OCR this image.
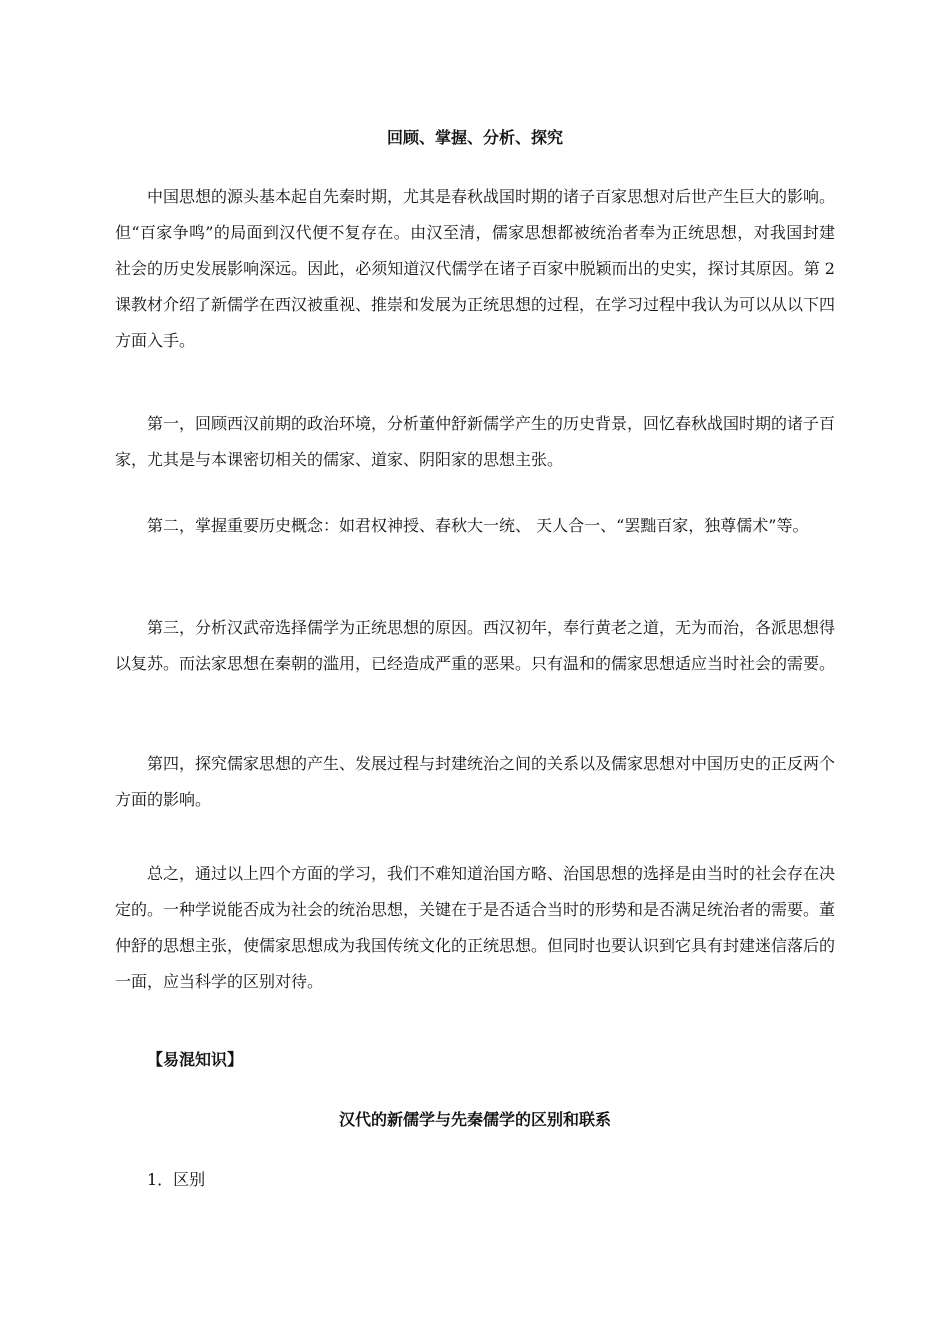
回顾、掌握、分析、探究

中国思想的源头基本起自先秦时期，尤其是春秋战国时期的诸子百家思想对后世产生巨大的影响。但“百家争鸣”的局面到汉代便不复存在。由汉至清，儒家思想都被统治者奉为正统思想，对我国封建社会的历史发展影响深远。因此，必须知道汉代儒学在诸子百家中脱颖而出的史实，探讨其原因。第 2 课教材介绍了新儒学在西汉被重视、推崇和发展为正统思想的过程，在学习过程中我认为可以从以下四方面入手。

第一，回顾西汉前期的政治环境，分析董仲舒新儒学产生的历史背景，回忆春秋战国时期的诸子百家，尤其是与本课密切相关的儒家、道家、阴阳家的思想主张。

第二，掌握重要历史概念：如君权神授、春秋大一统、 天人合一、“罢黜百家，独尊儒术”等。

第三，分析汉武帝选择儒学为正统思想的原因。西汉初年，奉行黄老之道，无为而治，各派思想得以复苏。而法家思想在秦朝的滥用，已经造成严重的恶果。只有温和的儒家思想适应当时社会的需要。

第四，探究儒家思想的产生、发展过程与封建统治之间的关系以及儒家思想对中国历史的正反两个方面的影响。

总之，通过以上四个方面的学习，我们不难知道治国方略、治国思想的选择是由当时的社会存在决定的。一种学说能否成为社会的统治思想，关键在于是否适合当时的形势和是否满足统治者的需要。董仲舒的思想主张，使儒家思想成为我国传统文化的正统思想。但同时也要认识到它具有封建迷信落后的一面，应当科学的区别对待。

【易混知识】
汉代的新儒学与先秦儒学的区别和联系
1．区别
